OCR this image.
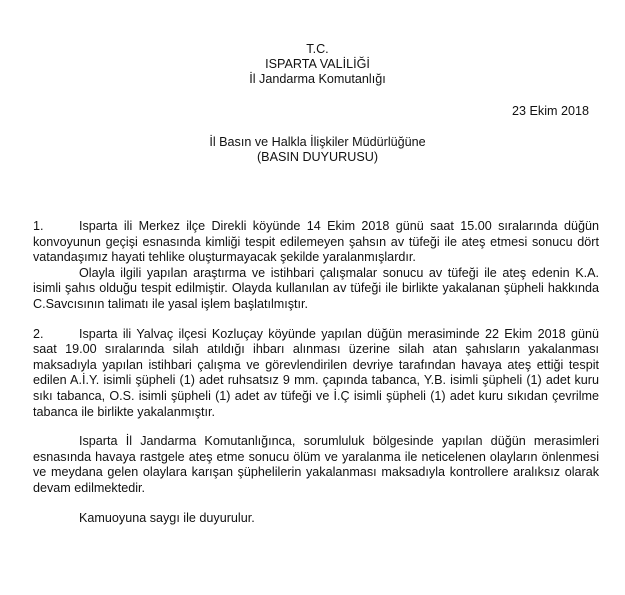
T.C.
ISPARTA VALİLİĞİ
İl Jandarma Komutanlığı
23 Ekim 2018
İl Basın ve Halkla İlişkiler Müdürlüğüne
(BASIN DUYURUSU)

1.	Isparta ili Merkez ilçe Direkli köyünde 14 Ekim 2018 günü saat 15.00 sıralarında düğün konvoyunun geçişi esnasında kimliği tespit edilemeyen şahsın av tüfeği ile ateş etmesi sonucu dört vatandaşımız hayati tehlike oluşturmayacak şekilde yaralanmışlardır.

Olayla ilgili yapılan araştırma ve istihbari çalışmalar sonucu av tüfeği ile ateş edenin K.A. isimli şahıs olduğu tespit edilmiştir. Olayda kullanılan av tüfeği ile birlikte yakalanan şüpheli hakkında C.Savcısının talimatı ile yasal işlem başlatılmıştır.

2.	Isparta ili Yalvaç ilçesi Kozluçay köyünde yapılan düğün merasiminde 22 Ekim 2018 günü saat 19.00 sıralarında silah atıldığı ihbarı alınması üzerine silah atan şahısların yakalanması maksadıyla yapılan istihbari çalışma ve görevlendirilen devriye tarafından havaya ateş ettiği tespit edilen A.İ.Y. isimli şüpheli (1) adet ruhsatsız 9 mm. çapında tabanca, Y.B. isimli şüpheli (1) adet kuru sıkı tabanca, O.S. isimli şüpheli (1) adet av tüfeği ve İ.Ç isimli şüpheli (1) adet kuru sıkıdan çevrilme tabanca ile birlikte yakalanmıştır.

Isparta İl Jandarma Komutanlığınca, sorumluluk bölgesinde yapılan düğün merasimleri esnasında havaya rastgele ateş etme sonucu ölüm ve yaralanma ile neticelenen olayların önlenmesi ve meydana gelen olaylara karışan şüphelilerin yakalanması maksadıyla kontrollere aralıksız olarak devam edilmektedir.

Kamuoyuna saygı ile duyurulur.
